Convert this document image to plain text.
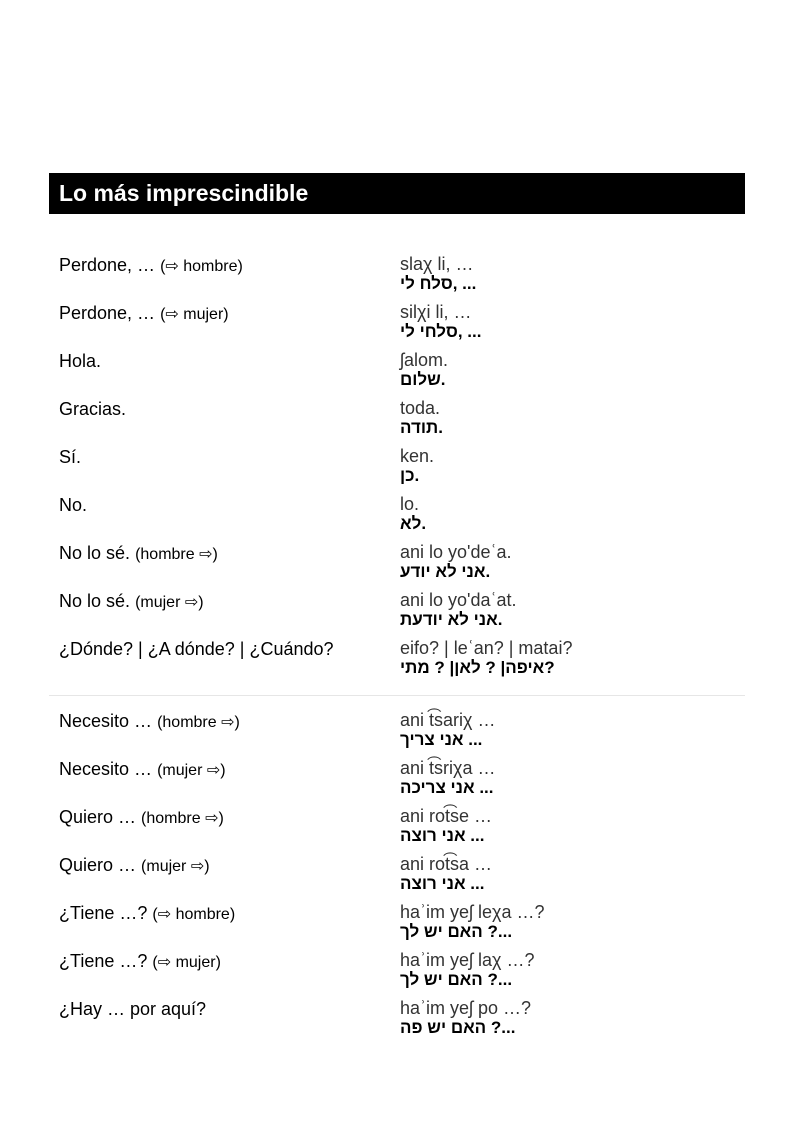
Lo más imprescindible
Perdone, … (⇨ hombre)	slaχ li, …
סלח לי, ...
Perdone, … (⇨ mujer)	silχi li, …
סלחי לי, ...
Hola.	ʃalom.
שלום.
Gracias.	toda.
תודה.
Sí.	ken.
כן.
No.	lo.
לא.
No lo sé. (hombre ⇨)	ani lo yo'deʿa.
אני לא יודע.
No lo sé. (mujer ⇨)	ani lo yo'daʿat.
אני לא יודעת.
¿Dónde? | ¿A dónde? | ¿Cuándo?	eifo? | leʿan? | matai?
איפה| ? לאן| ? מתי?
Necesito … (hombre ⇨)	ani t͡sariχ …
אני צריך ...
Necesito … (mujer ⇨)	ani t͡sriχa …
אני צריכה ...
Quiero … (hombre ⇨)	ani rot͡se …
אני רוצה ...
Quiero … (mujer ⇨)	ani rot͡sa …
אני רוצה ...
¿Tiene …? (⇨ hombre)	haʾim yeʃ leχa …?
האם יש לך ?...
¿Tiene …? (⇨ mujer)	haʾim yeʃ laχ …?
האם יש לך ?...
¿Hay … por aquí?	haʾim yeʃ po …?
האם יש פה ?...
